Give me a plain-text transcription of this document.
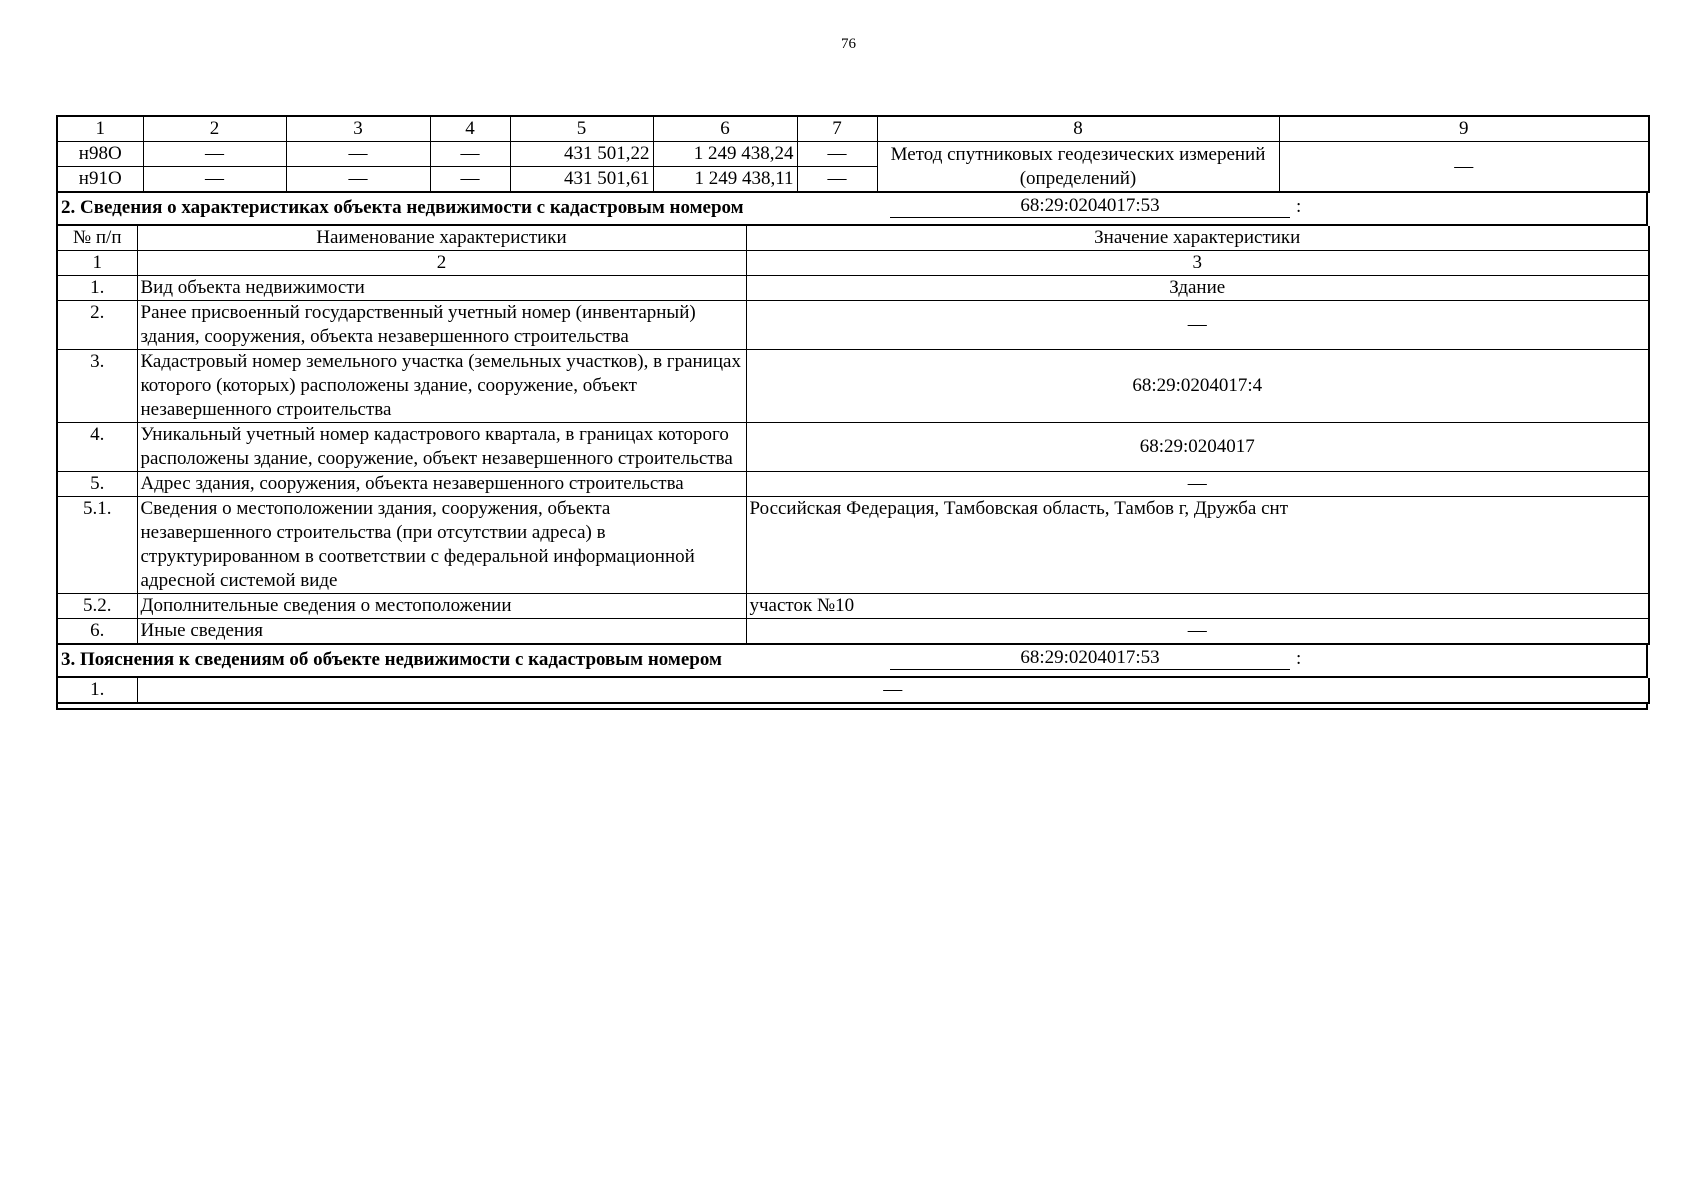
76
1	2	3	4	5	6	7	8	9
н98О	—	—	—	431 501,22	1 249 438,24	—	Метод спутниковых геодезических измерений (определений)	—
н91О	—	—	—	431 501,61	1 249 438,11	—		
2. Сведения о характеристиках объекта недвижимости с кадастровым номером	68:29:0204017:53	:
№ п/п	Наименование характеристики	Значение характеристики
1	2	3
1.	Вид объекта недвижимости	Здание
2.	Ранее присвоенный государственный учетный номер (инвентарный) здания, сооружения, объекта незавершенного строительства	—
3.	Кадастровый номер земельного участка (земельных участков), в границах которого (которых) расположены здание, сооружение, объект незавершенного строительства	68:29:0204017:4
4.	Уникальный учетный номер кадастрового квартала, в границах которого расположены здание, сооружение, объект незавершенного строительства	68:29:0204017
5.	Адрес здания, сооружения, объекта незавершенного строительства	—
5.1.	Сведения о местоположении здания, сооружения, объекта незавершенного строительства (при отсутствии адреса) в структурированном в соответствии с федеральной информационной адресной системой виде	Российская Федерация, Тамбовская область, Тамбов г, Дружба снт
5.2.	Дополнительные сведения о местоположении	участок №10
6.	Иные сведения	—
3. Пояснения к сведениям об объекте недвижимости с кадастровым номером	68:29:0204017:53	:
1.	—
